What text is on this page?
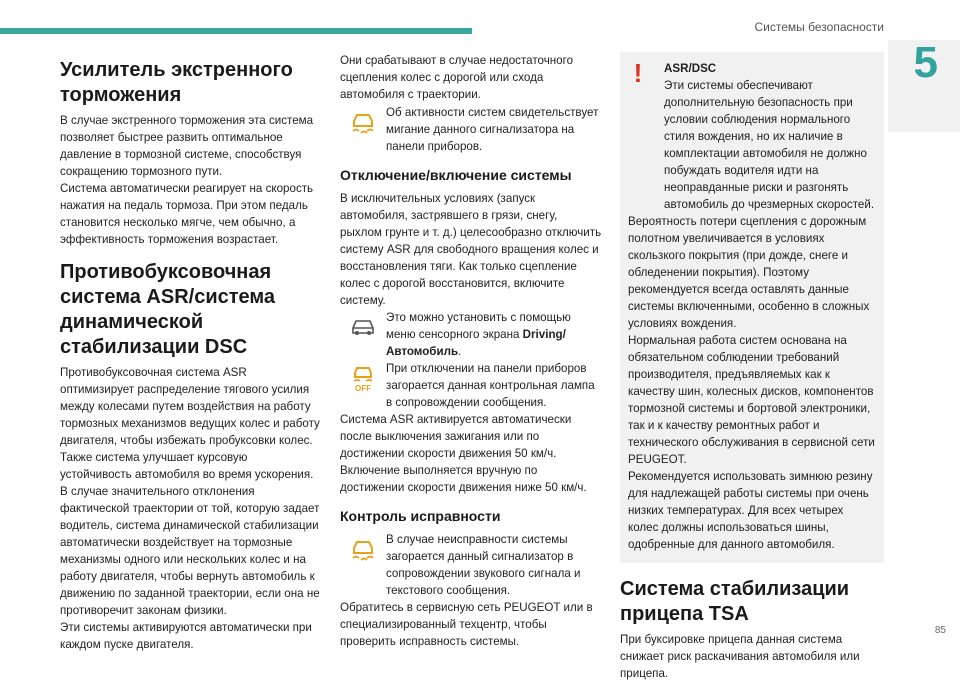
Системы безопасности
5
85
Усилитель экстренного торможения

В случае экстренного торможения эта система позволяет быстрее развить оптимальное давление в тормозной системе, способствуя сокращению тормозного пути.

Система автоматически реагирует на скорость нажатия на педаль тормоза. При этом педаль становится несколько мягче, чем обычно, а эффективность торможения возрастает.

Противобуксовочная система ASR/система динамической стабилизации DSC

Противобуксовочная система ASR оптимизирует распределение тягового усилия между колесами путем воздействия на работу тормозных механизмов ведущих колес и работу двигателя, чтобы избежать пробуксовки колес. Также система улучшает курсовую устойчивость автомобиля во время ускорения.

В случае значительного отклонения фактической траектории от той, которую задает водитель, система динамической стабилизации автоматически воздействует на тормозные механизмы одного или нескольких колес и на работу двигателя, чтобы вернуть автомобиль к движению по заданной траектории, если она не противоречит законам физики.

Эти системы активируются автоматически при каждом пуске двигателя.

Они срабатывают в случае недостаточного сцепления колес с дорогой или схода автомобиля с траектории.

Об активности систем свидетельствует мигание данного сигнализатора на панели приборов.

Отключение/включение системы

В исключительных условиях (запуск автомобиля, застрявшего в грязи, снегу, рыхлом грунте и т. д.) целесообразно отключить систему ASR для свободного вращения колес и восстановления тяги. Как только сцепление колес с дорогой восстановится, включите систему.

Это можно установить с помощью меню сенсорного экрана Driving/Автомобиль.

OFF

При отключении на панели приборов загорается данная контрольная лампа в сопровождении сообщения.

Система ASR активируется автоматически после выключения зажигания или по достижении скорости движения 50 км/ч.

Включение выполняется вручную по достижении скорости движения ниже 50 км/ч.

Контроль исправности

В случае неисправности системы загорается данный сигнализатор в сопровождении звукового сигнала и текстового сообщения.

Обратитесь в сервисную сеть PEUGEOT или в специализированный техцентр, чтобы проверить исправность системы.

!	ASR/DSC

Эти системы обеспечивают дополнительную безопасность при условии соблюдения нормального стиля вождения, но их наличие в комплектации автомобиля не должно побуждать водителя идти на неоправданные риски и разгонять автомобиль до чрезмерных скоростей.

Вероятность потери сцепления с дорожным полотном увеличивается в условиях скользкого покрытия (при дожде, снеге и обледенении покрытия). Поэтому рекомендуется всегда оставлять данные системы включенными, особенно в сложных условиях вождения.

Нормальная работа систем основана на обязательном соблюдении требований производителя, предъявляемых как к качеству шин, колесных дисков, компонентов тормозной системы и бортовой электроники, так и к качеству ремонтных работ и технического обслуживания в сервисной сети PEUGEOT.

Рекомендуется использовать зимнюю резину для надлежащей работы системы при очень низких температурах. Для всех четырех колес должны использоваться шины, одобренные для данного автомобиля.

Система стабилизации прицепа TSA

При буксировке прицепа данная система снижает риск раскачивания автомобиля или прицепа.
